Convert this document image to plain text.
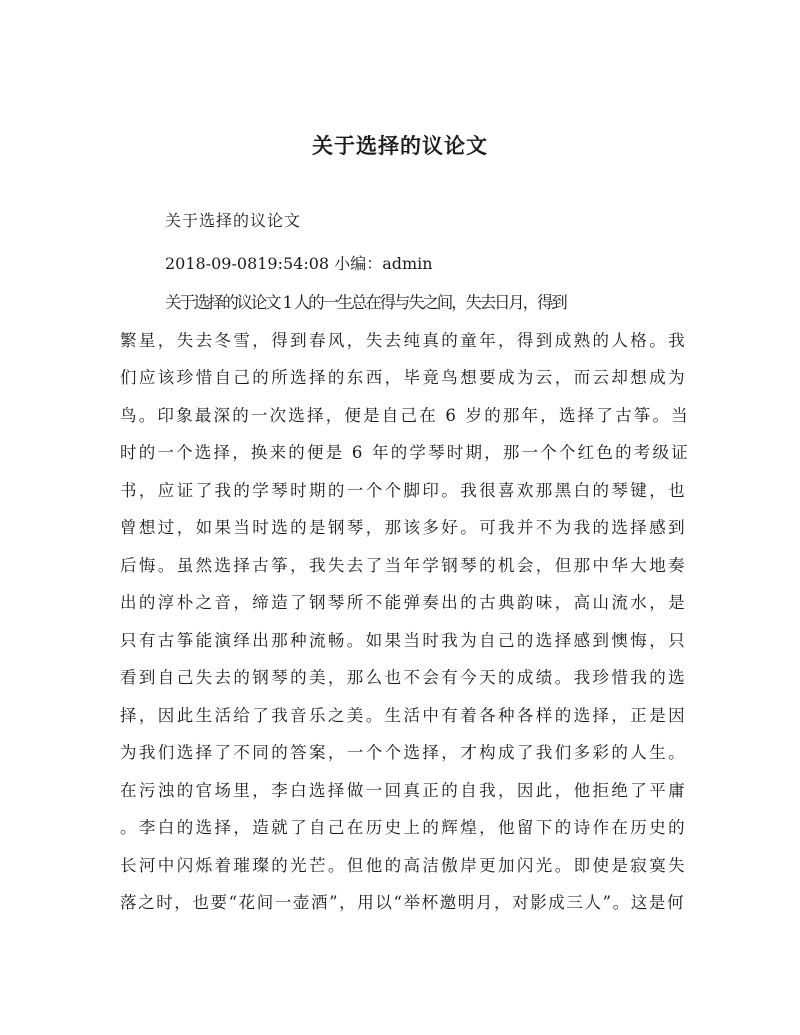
关于选择的议论文

关于选择的议论文

2018-09-0819:54:08 小编：admin

关于选择的议论文 1 人的一生总在得与失之间，失去日月，得到
繁星，失去冬雪，得到春风，失去纯真的童年，得到成熟的人格。我
们应该珍惜自己的所选择的东西，毕竟鸟想要成为云，而云却想成为
鸟。印象最深的一次选择，便是自己在 6 岁的那年，选择了古筝。当
时的一个选择，换来的便是 6 年的学琴时期，那一个个红色的考级证
书，应证了我的学琴时期的一个个脚印。我很喜欢那黑白的琴键，也
曾想过，如果当时选的是钢琴，那该多好。可我并不为我的选择感到
后悔。虽然选择古筝，我失去了当年学钢琴的机会，但那中华大地奏
出的淳朴之音，缔造了钢琴所不能弹奏出的古典韵味，高山流水，是
只有古筝能演绎出那种流畅。如果当时我为自己的选择感到懊悔，只
看到自己失去的钢琴的美，那么也不会有今天的成绩。我珍惜我的选
择，因此生活给了我音乐之美。生活中有着各种各样的选择，正是因
为我们选择了不同的答案，一个个选择，才构成了我们多彩的人生。
在污浊的官场里，李白选择做一回真正的自我，因此，他拒绝了平庸
。李白的选择，造就了自己在历史上的辉煌，他留下的诗作在历史的
长河中闪烁着璀璨的光芒。但他的高洁傲岸更加闪光。即使是寂寞失
落之时，也要“花间一壶酒”，用以“举杯邀明月，对影成三人”。这是何
